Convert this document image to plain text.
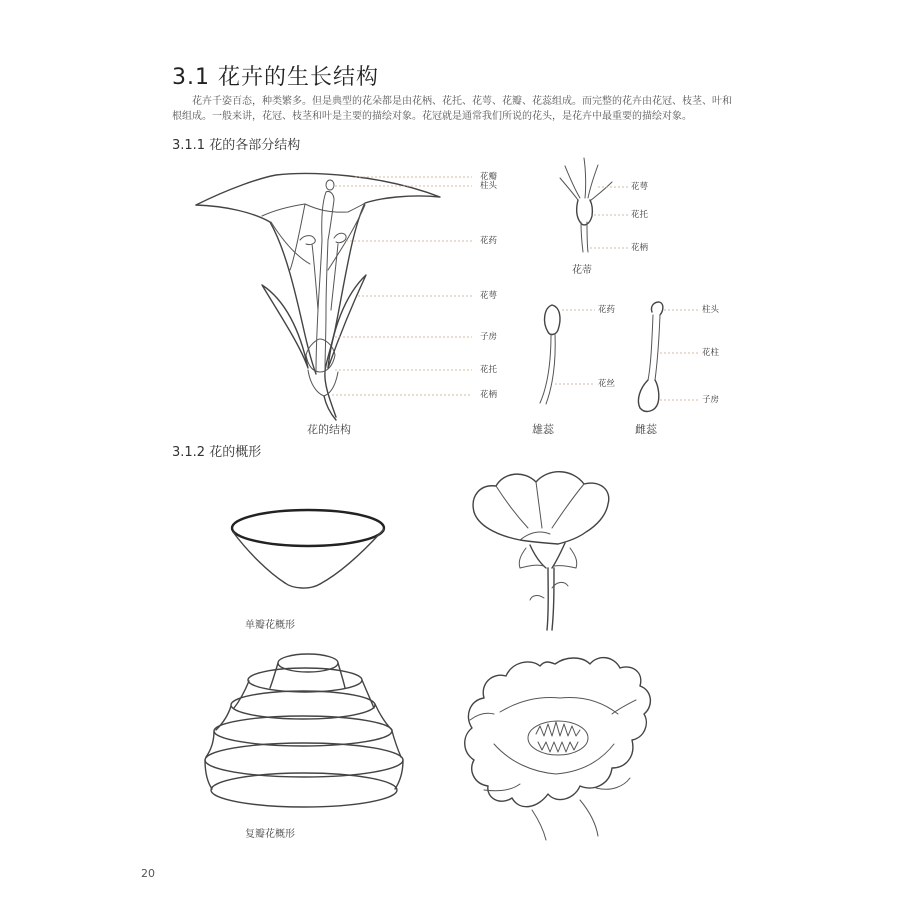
3.1 花卉的生长结构

花卉千姿百态，种类繁多。但是典型的花朵都是由花柄、花托、花萼、花瓣、花蕊组成。而完整的花卉由花冠、枝茎、叶和根组成。一般来讲，花冠、枝茎和叶是主要的描绘对象。花冠就是通常我们所说的花头，是花卉中最重要的描绘对象。

3.1.1 花的各部分结构
3.1.2 花的概形
花瓣
柱头
花药
花萼
子房
花托
花柄
花的结构
花萼
花托
花柄
花蒂
花药
花丝
雄蕊
柱头
花柱
子房
雌蕊
单瓣花概形
复瓣花概形
20
